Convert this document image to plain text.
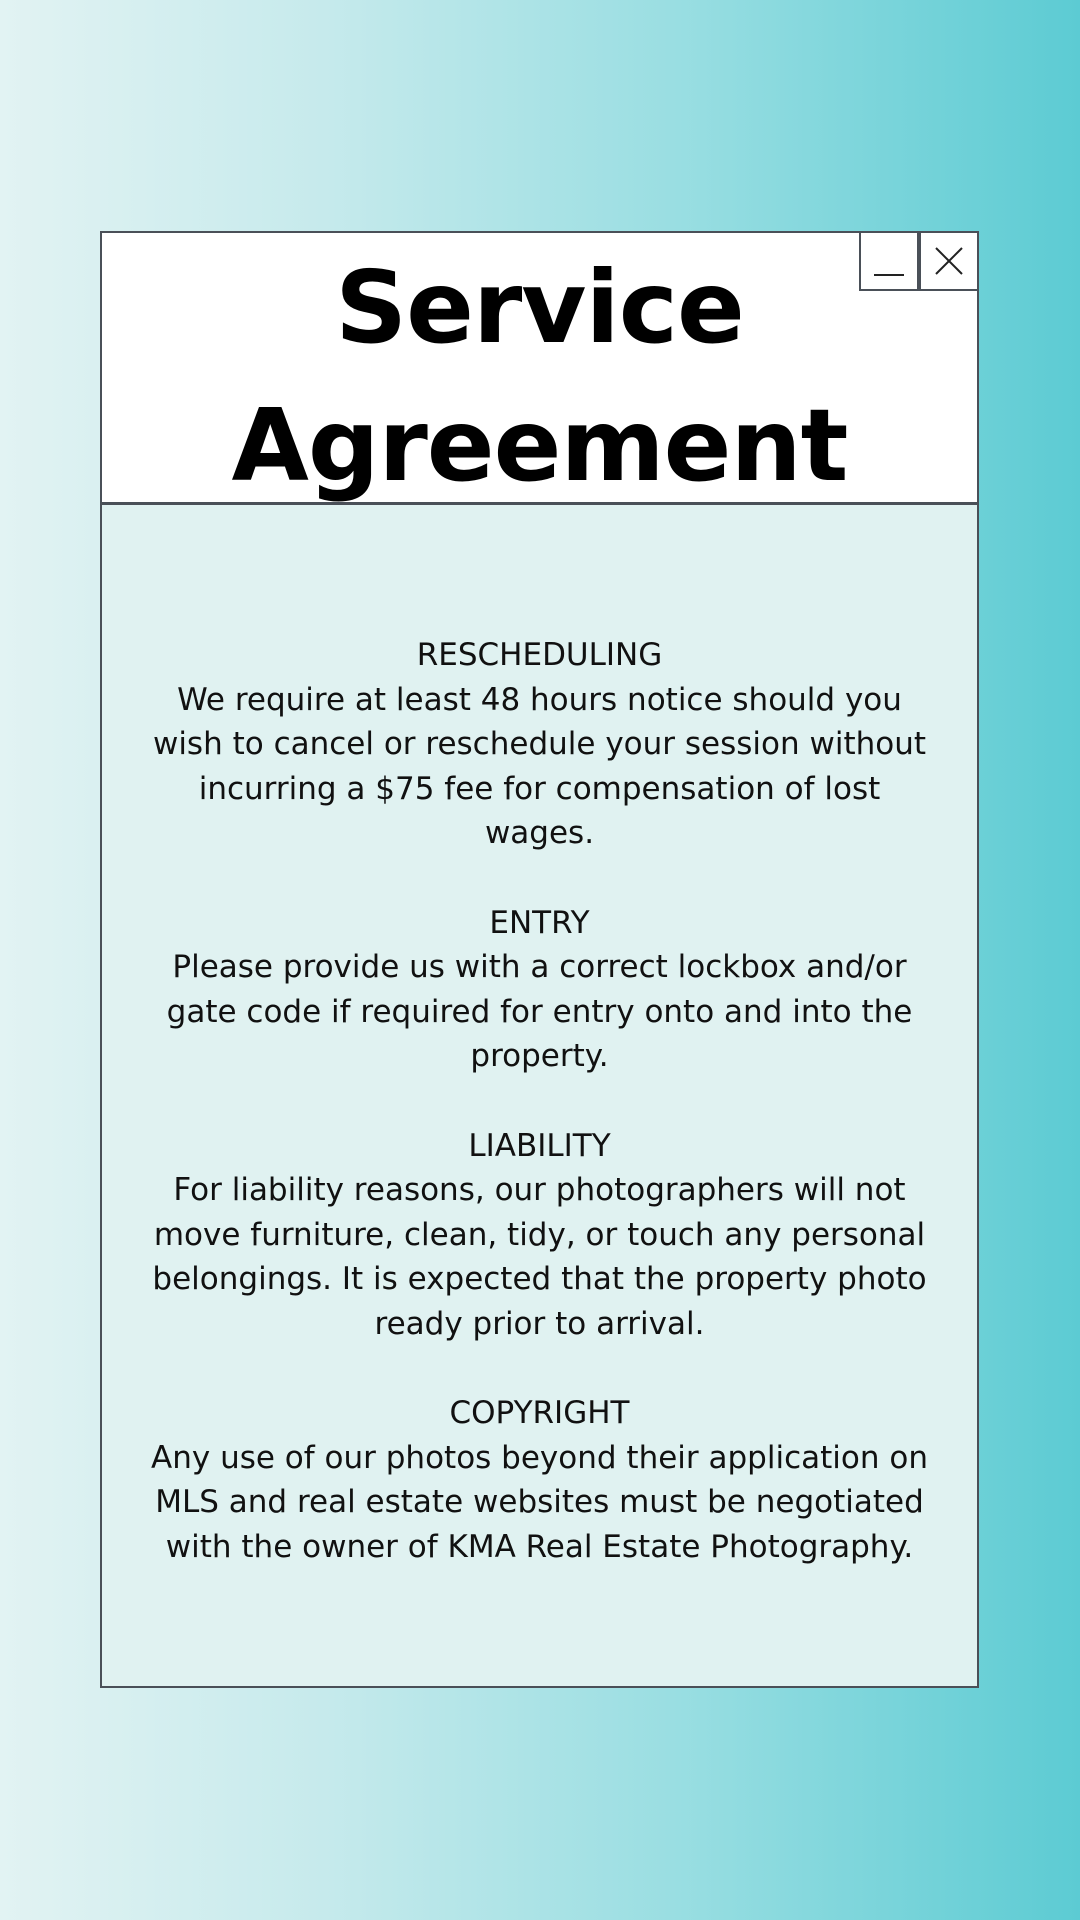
Service
Agreement
RESCHEDULING
We require at least 48 hours notice should you wish to cancel or reschedule your session without incurring a $75 fee for compensation of lost wages.
ENTRY
Please provide us with a correct lockbox and/or gate code if required for entry onto and into the property.
LIABILITY
For liability reasons, our photographers will not move furniture, clean, tidy, or touch any personal belongings. It is expected that the property photo ready prior to arrival.
COPYRIGHT
Any use of our photos beyond their application on MLS and real estate websites must be negotiated with the owner of KMA Real Estate Photography.
